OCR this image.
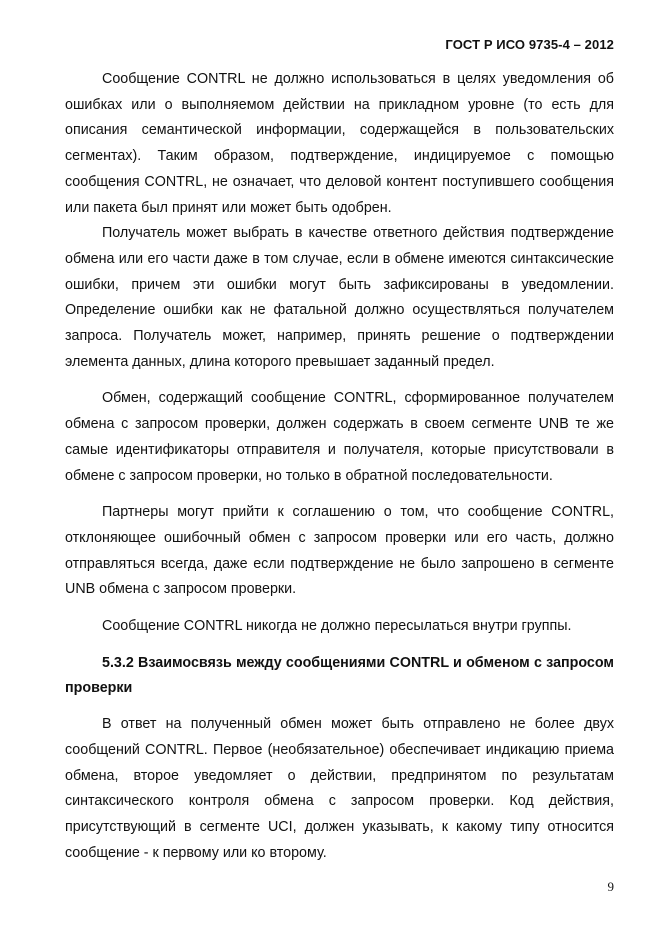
ГОСТ Р ИСО 9735-4 – 2012

Сообщение CONTRL не должно использоваться в целях уведомления об ошибках или о выполняемом действии на прикладном уровне (то есть для описания семантической информации, содержащейся в пользовательских сегментах). Таким образом, подтверждение, индицируемое с помощью сообщения CONTRL, не означает, что деловой контент поступившего сообщения или пакета был принят или может быть одобрен.

Получатель может выбрать в качестве ответного действия подтверждение обмена или его части даже в том случае, если в обмене имеются синтаксические ошибки, причем эти ошибки могут быть зафиксированы в уведомлении. Определение ошибки как не фатальной должно осуществляться получателем запроса. Получатель может, например, принять решение о подтверждении элемента данных, длина которого превышает заданный предел.

Обмен, содержащий сообщение CONTRL, сформированное получателем обмена с запросом проверки, должен содержать в своем сегменте UNB те же самые идентификаторы отправителя и получателя, которые присутствовали в обмене с запросом проверки, но только в обратной последовательности.

Партнеры могут прийти к соглашению о том, что сообщение CONTRL, отклоняющее ошибочный обмен с запросом проверки или его часть, должно отправляться всегда, даже если подтверждение не было запрошено в сегменте UNB обмена с запросом проверки.

Сообщение CONTRL никогда не должно пересылаться внутри группы.

5.3.2 Взаимосвязь между сообщениями CONTRL и обменом с запросом проверки

В ответ на полученный обмен может быть отправлено не более двух сообщений CONTRL. Первое (необязательное) обеспечивает индикацию приема обмена, второе уведомляет о действии, предпринятом по результатам синтаксического контроля обмена с запросом проверки. Код действия, присутствующий в сегменте UCI, должен указывать, к какому типу относится сообщение - к первому или ко второму.

9
